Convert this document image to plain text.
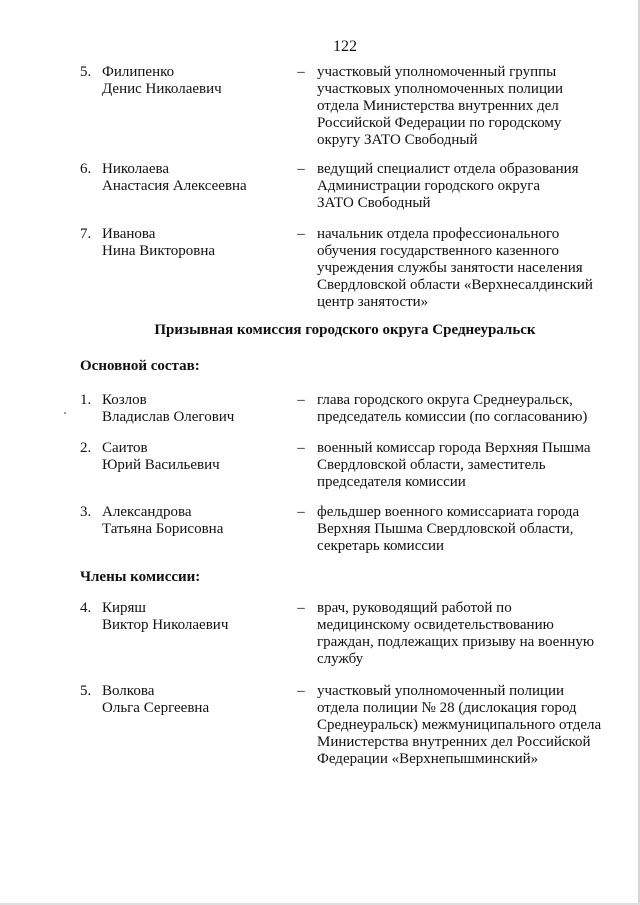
122
5. Филипенко
Денис Николаевич
– участковый уполномоченный группы
участковых уполномоченных полиции
отдела Министерства внутренних дел
Российской Федерации по городскому
округу ЗАТО Свободный
6. Николаева
Анастасия Алексеевна
– ведущий специалист отдела образования
Администрации городского округа
ЗАТО Свободный
7. Иванова
Нина Викторовна
– начальник отдела профессионального
обучения государственного казенного
учреждения службы занятости населения
Свердловской области «Верхнесалдинский
центр занятости»
Призывная комиссия городского округа Среднеуральск
Основной состав:
1. Козлов
Владислав Олегович
– глава городского округа Среднеуральск,
председатель комиссии (по согласованию)
2. Саитов
Юрий Васильевич
– военный комиссар города Верхняя Пышма
Свердловской области, заместитель
председателя комиссии
3. Александрова
Татьяна Борисовна
– фельдшер военного комиссариата города
Верхняя Пышма Свердловской области,
секретарь комиссии
Члены комиссии:
4. Киряш
Виктор Николаевич
– врач, руководящий работой по
медицинскому освидетельствованию
граждан, подлежащих призыву на военную
службу
5. Волкова
Ольга Сергеевна
– участковый уполномоченный полиции
отдела полиции № 28 (дислокация город
Среднеуральск) межмуниципального отдела
Министерства внутренних дел Российской
Федерации «Верхнепышминский»
